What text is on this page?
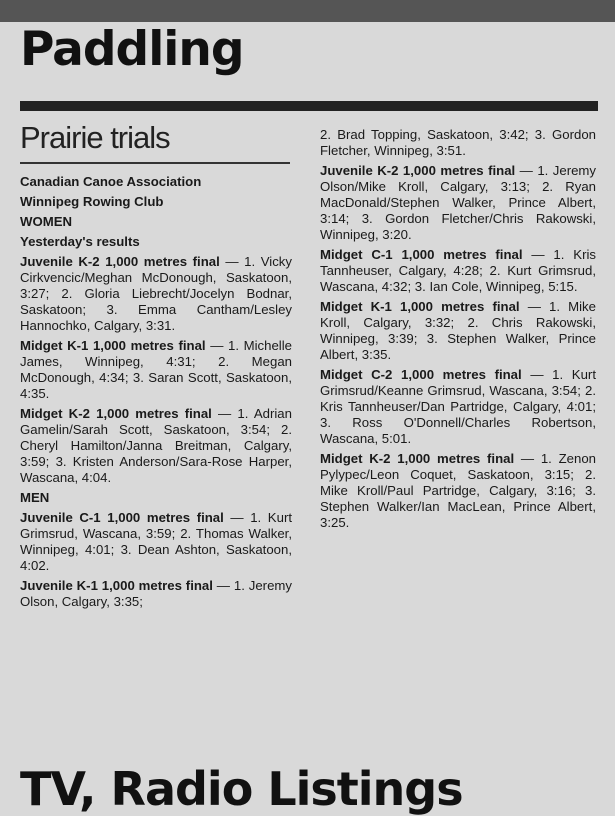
Paddling
Prairie trials

Canadian Canoe Association

Winnipeg Rowing Club

WOMEN

Yesterday's results

Juvenile K-2 1,000 metres final — 1. Vicky Cirkvencic/Meghan McDonough, Saskatoon, 3:27; 2. Gloria Liebrecht/Jocelyn Bodnar, Saskatoon; 3. Emma Cantham/Lesley Hannochko, Calgary, 3:31.

Midget K-1 1,000 metres final — 1. Michelle James, Winnipeg, 4:31; 2. Megan McDonough, 4:34; 3. Saran Scott, Saskatoon, 4:35.

Midget K-2 1,000 metres final — 1. Adrian Gamelin/Sarah Scott, Saskatoon, 3:54; 2. Cheryl Hamilton/Janna Breitman, Calgary, 3:59; 3. Kristen Anderson/Sara-Rose Harper, Wascana, 4:04.

MEN

Juvenile C-1 1,000 metres final — 1. Kurt Grimsrud, Wascana, 3:59; 2. Thomas Walker, Winnipeg, 4:01; 3. Dean Ashton, Saskatoon, 4:02.

Juvenile K-1 1,000 metres final — 1. Jeremy Olson, Calgary, 3:35;

2. Brad Topping, Saskatoon, 3:42; 3. Gordon Fletcher, Winnipeg, 3:51.

Juvenile K-2 1,000 metres final — 1. Jeremy Olson/Mike Kroll, Calgary, 3:13; 2. Ryan MacDonald/Stephen Walker, Prince Albert, 3:14; 3. Gordon Fletcher/Chris Rakowski, Winnipeg, 3:20.

Midget C-1 1,000 metres final — 1. Kris Tannheuser, Calgary, 4:28; 2. Kurt Grimsrud, Wascana, 4:32; 3. Ian Cole, Winnipeg, 5:15.

Midget K-1 1,000 metres final — 1. Mike Kroll, Calgary, 3:32; 2. Chris Rakowski, Winnipeg, 3:39; 3. Stephen Walker, Prince Albert, 3:35.

Midget C-2 1,000 metres final — 1. Kurt Grimsrud/Keanne Grimsrud, Wascana, 3:54; 2. Kris Tannheuser/Dan Partridge, Calgary, 4:01; 3. Ross O'Donnell/Charles Robertson, Wascana, 5:01.

Midget K-2 1,000 metres final — 1. Zenon Pylypec/Leon Coquet, Saskatoon, 3:15; 2. Mike Kroll/Paul Partridge, Calgary, 3:16; 3. Stephen Walker/Ian MacLean, Prince Albert, 3:25.

TV, Radio Listings
